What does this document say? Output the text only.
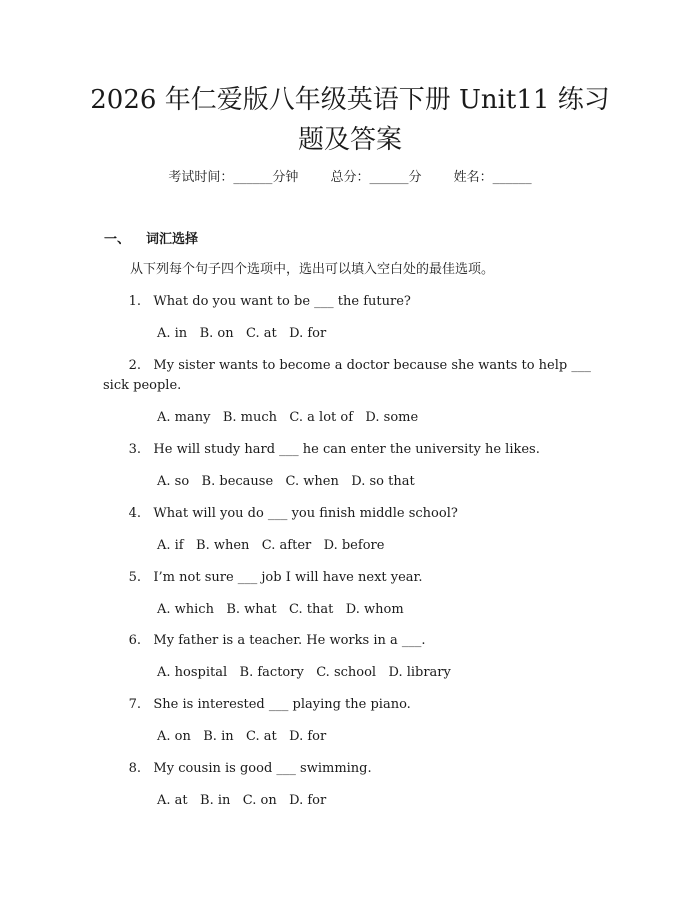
2026 年仁爱版八年级英语下册 Unit11 练习
题及答案
考试时间：______分钟 总分：______分 姓名：______
一、 词汇选择
从下列每个句子四个选项中，选出可以填入空白处的最佳选项。
1. What do you want to be ___ the future?
A. in   B. on   C. at   D. for
2. My sister wants to become a doctor because she wants to help ___
sick people.
A. many   B. much   C. a lot of   D. some
3. He will study hard ___ he can enter the university he likes.
A. so   B. because   C. when   D. so that
4. What will you do ___ you finish middle school?
A. if   B. when   C. after   D. before
5. I’m not sure ___ job I will have next year.
A. which   B. what   C. that   D. whom
6. My father is a teacher. He works in a ___.
A. hospital   B. factory   C. school   D. library
7. She is interested ___ playing the piano.
A. on   B. in   C. at   D. for
8. My cousin is good ___ swimming.
A. at   B. in   C. on   D. for
